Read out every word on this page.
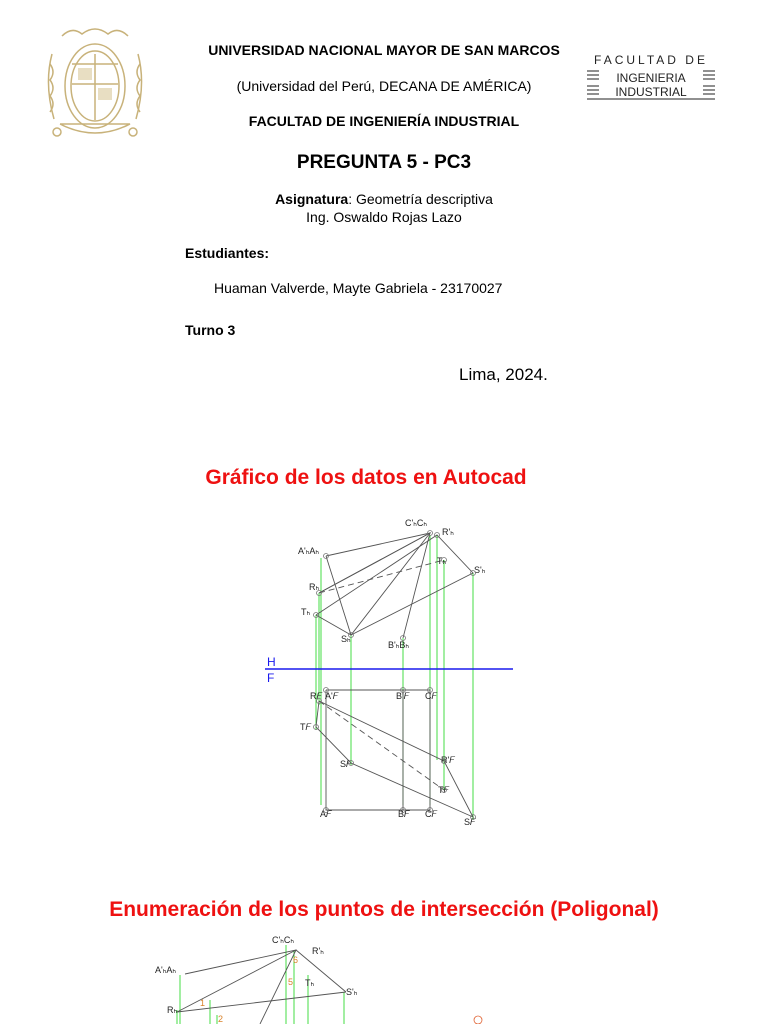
FACULTAD DE
INGENIERIA
INDUSTRIAL
UNIVERSIDAD NACIONAL MAYOR DE SAN MARCOS
(Universidad del Perú, DECANA DE AMÉRICA)
FACULTAD DE INGENIERÍA INDUSTRIAL
PREGUNTA 5 - PC3
Asignatura: Geometría descriptiva
Ing. Oswaldo Rojas Lazo
Estudiantes:
Huaman Valverde, Mayte Gabriela - 23170027
Turno 3
Lima, 2024.
Gráfico de los datos en Autocad
H
F
A'ₕAₕ
C'ₕCₕ
R'ₕ
Rₕ
Tₕ
Tₕ
S'ₕ
Sₕ
B'ₕBₕ
R𝐹 A'𝐹	B'𝐹 C𝐹
T𝐹
S𝐹	R'𝐹
T𝐹
A𝐹	B𝐹 C𝐹
S𝐹
Enumeración de los puntos de intersección (Poligonal)
A'ₕAₕ
C'ₕCₕ
R'ₕ
Tₕ
S'ₕ
Rₕ
6
5
1
2
